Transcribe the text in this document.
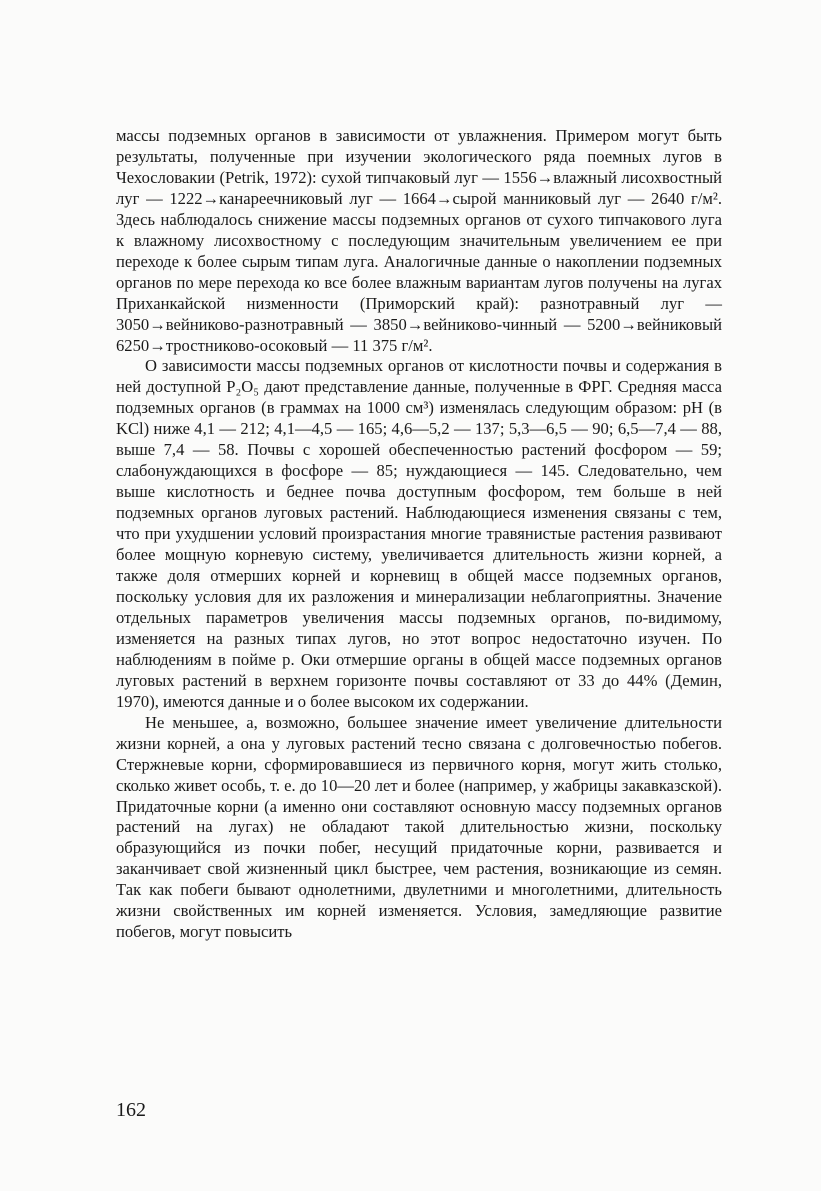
массы подземных органов в зависимости от увлажнения. Примером могут быть результаты, полученные при изучении экологического ряда поемных лугов в Чехословакии (Petrik, 1972): сухой типчаковый луг — 1556→влажный лисохвостный луг — 1222→канареечниковый луг — 1664→сырой манниковый луг — 2640 г/м². Здесь наблюдалось снижение массы подземных органов от сухого типчакового луга к влажному лисохвостному с последующим значительным увеличением ее при переходе к более сырым типам луга. Аналогичные данные о накоплении подземных органов по мере перехода ко все более влажным вариантам лугов получены на лугах Приханкайской низменности (Приморский край): разнотравный луг — 3050→вейниково-разнотравный — 3850→вейниково-чинный — 5200→вейниковый 6250→тростниково-осоковый — 11 375 г/м².

О зависимости массы подземных органов от кислотности почвы и содержания в ней доступной P₂O₅ дают представление данные, полученные в ФРГ. Средняя масса подземных органов (в граммах на 1000 см³) изменялась следующим образом: pH (в KCl) ниже 4,1 — 212; 4,1—4,5 — 165; 4,6—5,2 — 137; 5,3—6,5 — 90; 6,5—7,4 — 88, выше 7,4 — 58. Почвы с хорошей обеспеченностью растений фосфором — 59; слабонуждающихся в фосфоре — 85; нуждающиеся — 145. Следовательно, чем выше кислотность и беднее почва доступным фосфором, тем больше в ней подземных органов луговых растений. Наблюдающиеся изменения связаны с тем, что при ухудшении условий произрастания многие травянистые растения развивают более мощную корневую систему, увеличивается длительность жизни корней, а также доля отмерших корней и корневищ в общей массе подземных органов, поскольку условия для их разложения и минерализации неблагоприятны. Значение отдельных параметров увеличения массы подземных органов, по-видимому, изменяется на разных типах лугов, но этот вопрос недостаточно изучен. По наблюдениям в пойме р. Оки отмершие органы в общей массе подземных органов луговых растений в верхнем горизонте почвы составляют от 33 до 44% (Демин, 1970), имеются данные и о более высоком их содержании.

Не меньшее, а, возможно, большее значение имеет увеличение длительности жизни корней, а она у луговых растений тесно связана с долговечностью побегов. Стержневые корни, сформировавшиеся из первичного корня, могут жить столько, сколько живет особь, т. е. до 10—20 лет и более (например, у жабрицы закавказской). Придаточные корни (а именно они составляют основную массу подземных органов растений на лугах) не обладают такой длительностью жизни, поскольку образующийся из почки побег, несущий придаточные корни, развивается и заканчивает свой жизненный цикл быстрее, чем растения, возникающие из семян. Так как побеги бывают однолетними, двулетними и многолетними, длительность жизни свойственных им корней изменяется. Условия, замедляющие развитие побегов, могут повысить

162
